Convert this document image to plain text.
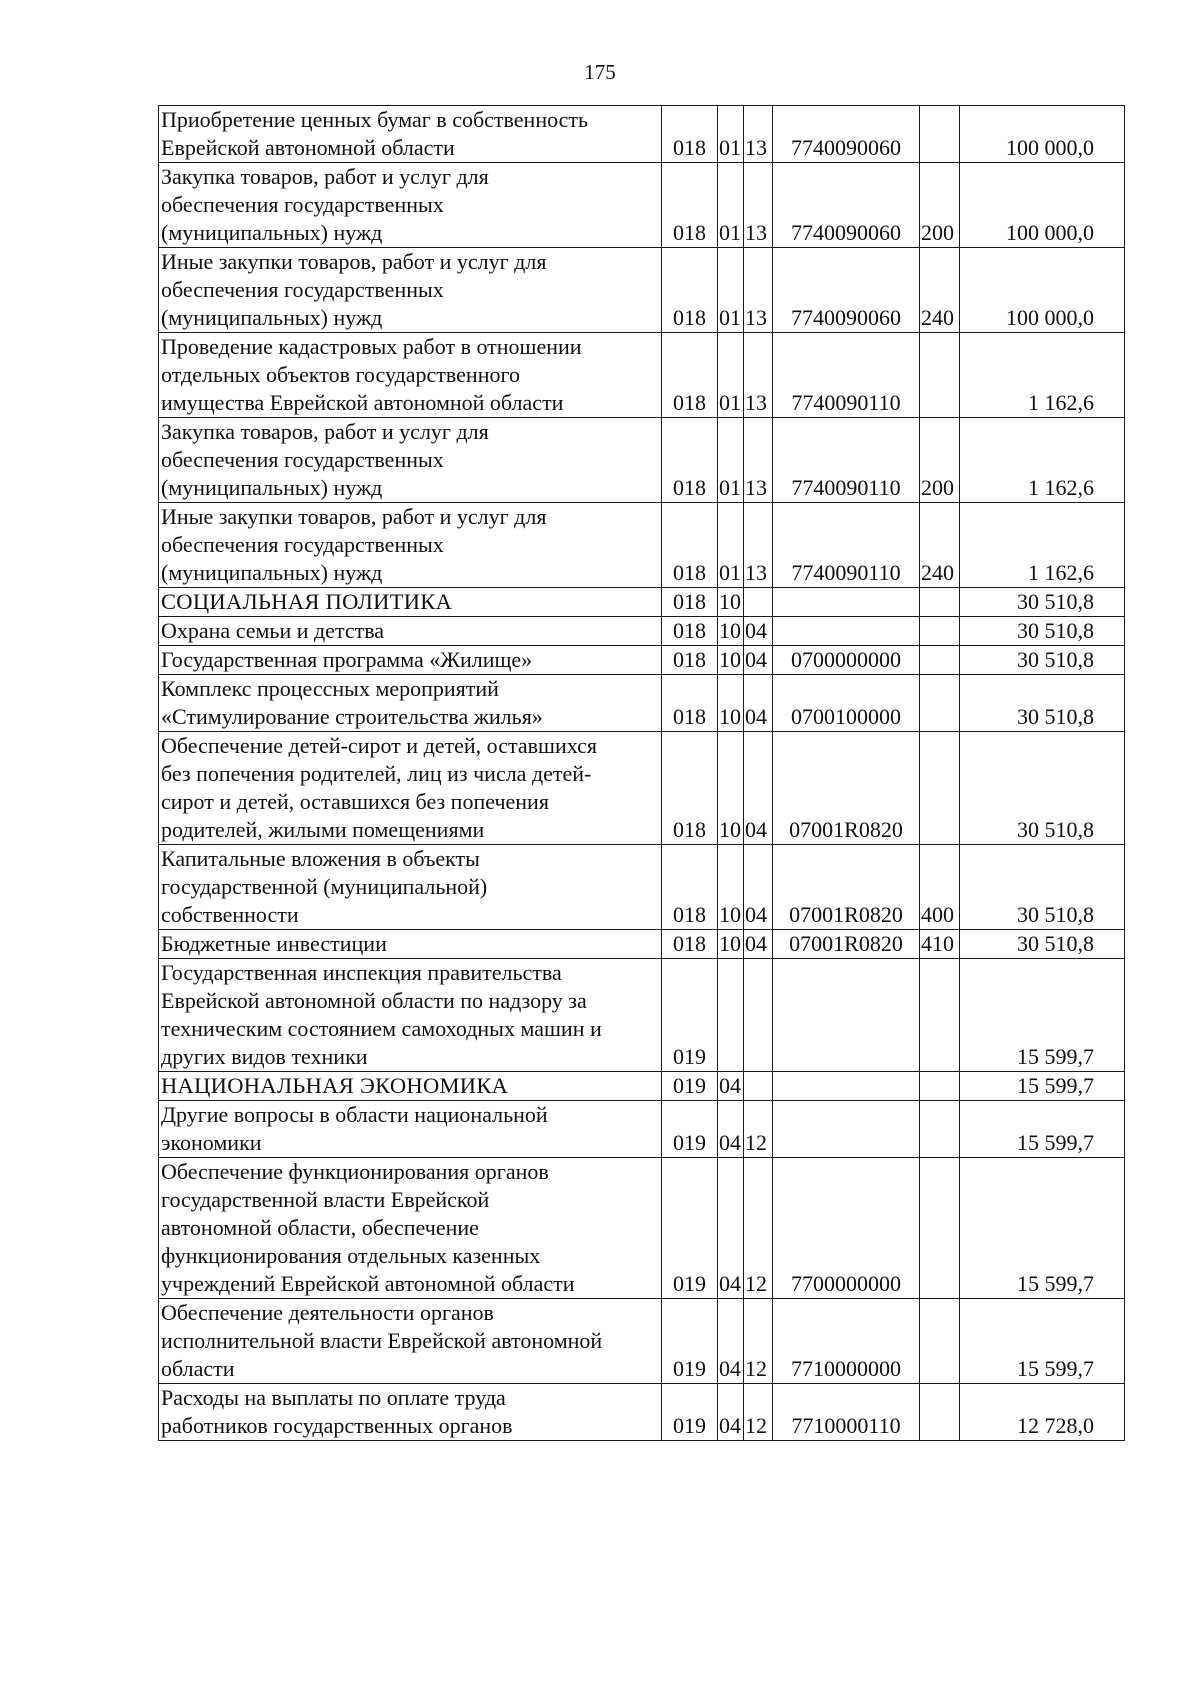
175
Приобретение ценных бумаг в собственность
Еврейской автономной области	018	01	13	7740090060		100 000,0
Закупка товаров, работ и услуг для
обеспечения государственных
(муниципальных) нужд	018	01	13	7740090060	200	100 000,0
Иные закупки товаров, работ и услуг для
обеспечения государственных
(муниципальных) нужд	018	01	13	7740090060	240	100 000,0
Проведение кадастровых работ в отношении
отдельных объектов государственного
имущества Еврейской автономной области	018	01	13	7740090110		1 162,6
Закупка товаров, работ и услуг для
обеспечения государственных
(муниципальных) нужд	018	01	13	7740090110	200	1 162,6
Иные закупки товаров, работ и услуг для
обеспечения государственных
(муниципальных) нужд	018	01	13	7740090110	240	1 162,6
СОЦИАЛЬНАЯ ПОЛИТИКА	018	10				30 510,8
Охрана семьи и детства	018	10	04			30 510,8
Государственная программа «Жилище»	018	10	04	0700000000		30 510,8
Комплекс процессных мероприятий
«Стимулирование строительства жилья»	018	10	04	0700100000		30 510,8
Обеспечение детей-сирот и детей, оставшихся
без попечения родителей, лиц из числа детей-
сирот и детей, оставшихся без попечения
родителей, жилыми помещениями	018	10	04	07001R0820		30 510,8
Капитальные вложения в объекты
государственной (муниципальной)
собственности	018	10	04	07001R0820	400	30 510,8
Бюджетные инвестиции	018	10	04	07001R0820	410	30 510,8
Государственная инспекция правительства
Еврейской автономной области по надзору за
техническим состоянием самоходных машин и
других видов техники	019					15 599,7
НАЦИОНАЛЬНАЯ ЭКОНОМИКА	019	04				15 599,7
Другие вопросы в области национальной
экономики	019	04	12			15 599,7
Обеспечение функционирования органов
государственной власти Еврейской
автономной области, обеспечение
функционирования отдельных казенных
учреждений Еврейской автономной области	019	04	12	7700000000		15 599,7
Обеспечение деятельности органов
исполнительной власти Еврейской автономной
области	019	04	12	7710000000		15 599,7
Расходы на выплаты по оплате труда
работников государственных органов	019	04	12	7710000110		12 728,0
